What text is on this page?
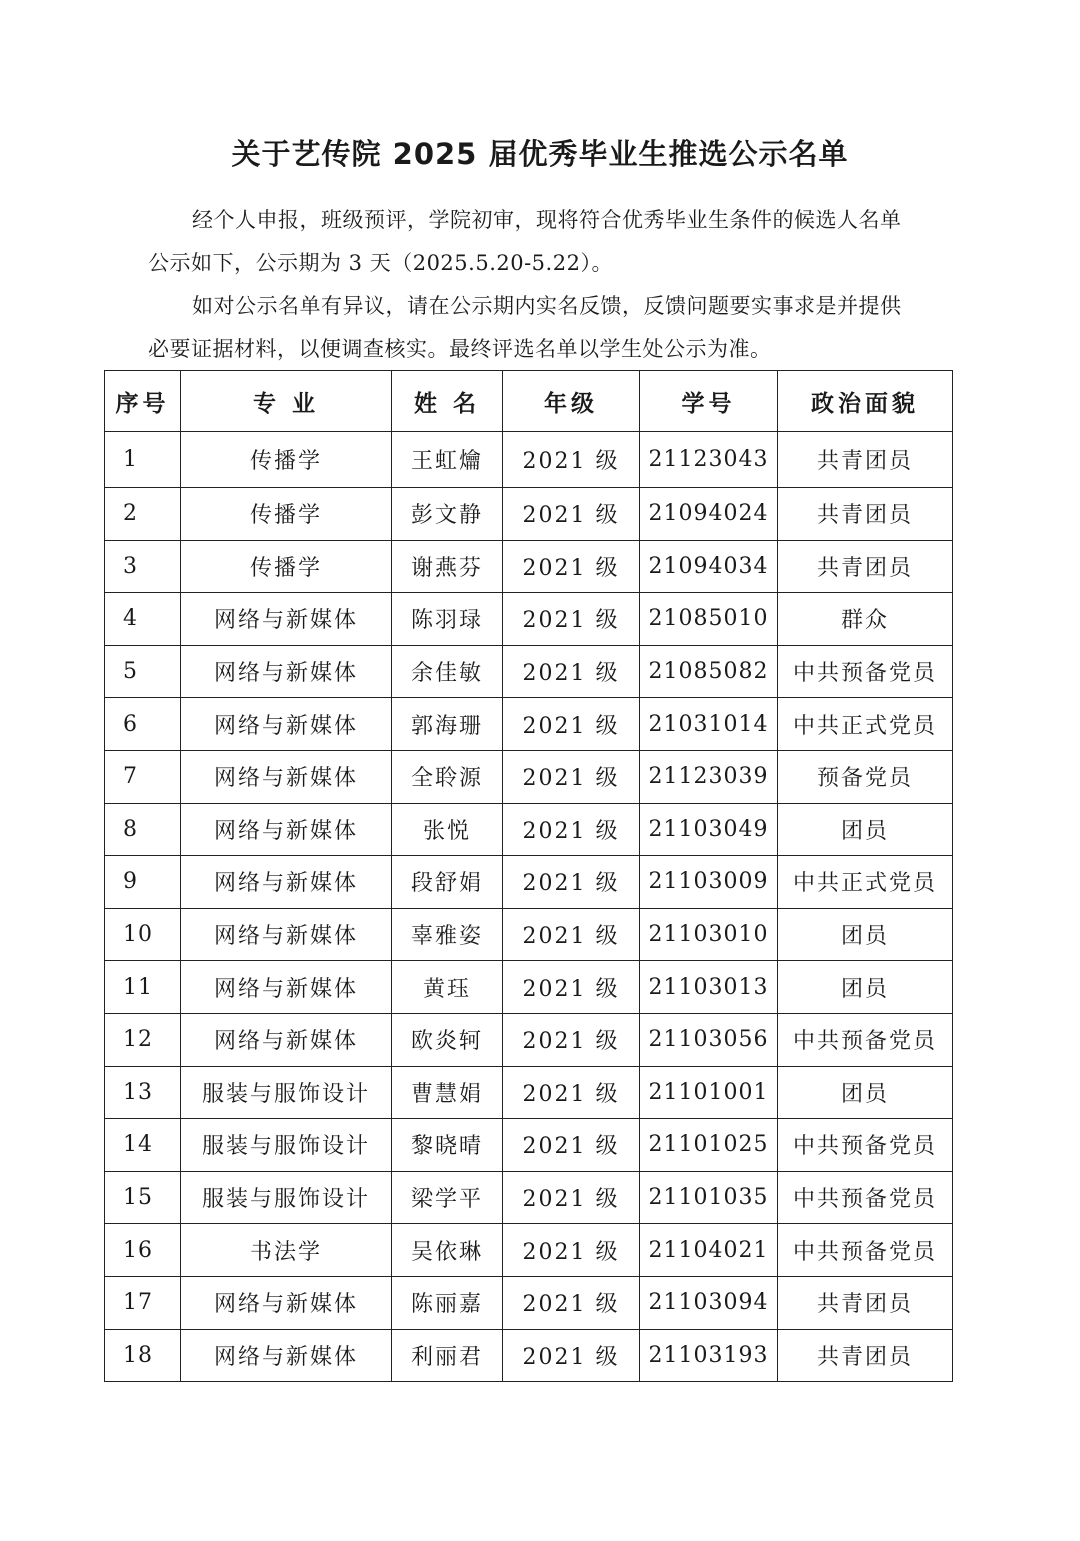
关于艺传院 2025 届优秀毕业生推选公示名单
经个人申报，班级预评，学院初审，现将符合优秀毕业生条件的候选人名单
公示如下，公示期为 3 天（2025.5.20-5.22）。
如对公示名单有异议，请在公示期内实名反馈，反馈问题要实事求是并提供
必要证据材料，以便调查核实。最终评选名单以学生处公示为准。
序号	专 业	姓 名	年级	学号	政治面貌
1	传播学	王虹爚	2021 级	21123043	共青团员
2	传播学	彭文静	2021 级	21094024	共青团员
3	传播学	谢燕芬	2021 级	21094034	共青团员
4	网络与新媒体	陈羽琭	2021 级	21085010	群众
5	网络与新媒体	余佳敏	2021 级	21085082	中共预备党员
6	网络与新媒体	郭海珊	2021 级	21031014	中共正式党员
7	网络与新媒体	全聆源	2021 级	21123039	预备党员
8	网络与新媒体	张悦	2021 级	21103049	团员
9	网络与新媒体	段舒娟	2021 级	21103009	中共正式党员
10	网络与新媒体	辜雅姿	2021 级	21103010	团员
11	网络与新媒体	黄珏	2021 级	21103013	团员
12	网络与新媒体	欧炎轲	2021 级	21103056	中共预备党员
13	服装与服饰设计	曹慧娟	2021 级	21101001	团员
14	服装与服饰设计	黎晓晴	2021 级	21101025	中共预备党员
15	服装与服饰设计	梁学平	2021 级	21101035	中共预备党员
16	书法学	吴依琳	2021 级	21104021	中共预备党员
17	网络与新媒体	陈丽嘉	2021 级	21103094	共青团员
18	网络与新媒体	利丽君	2021 级	21103193	共青团员
